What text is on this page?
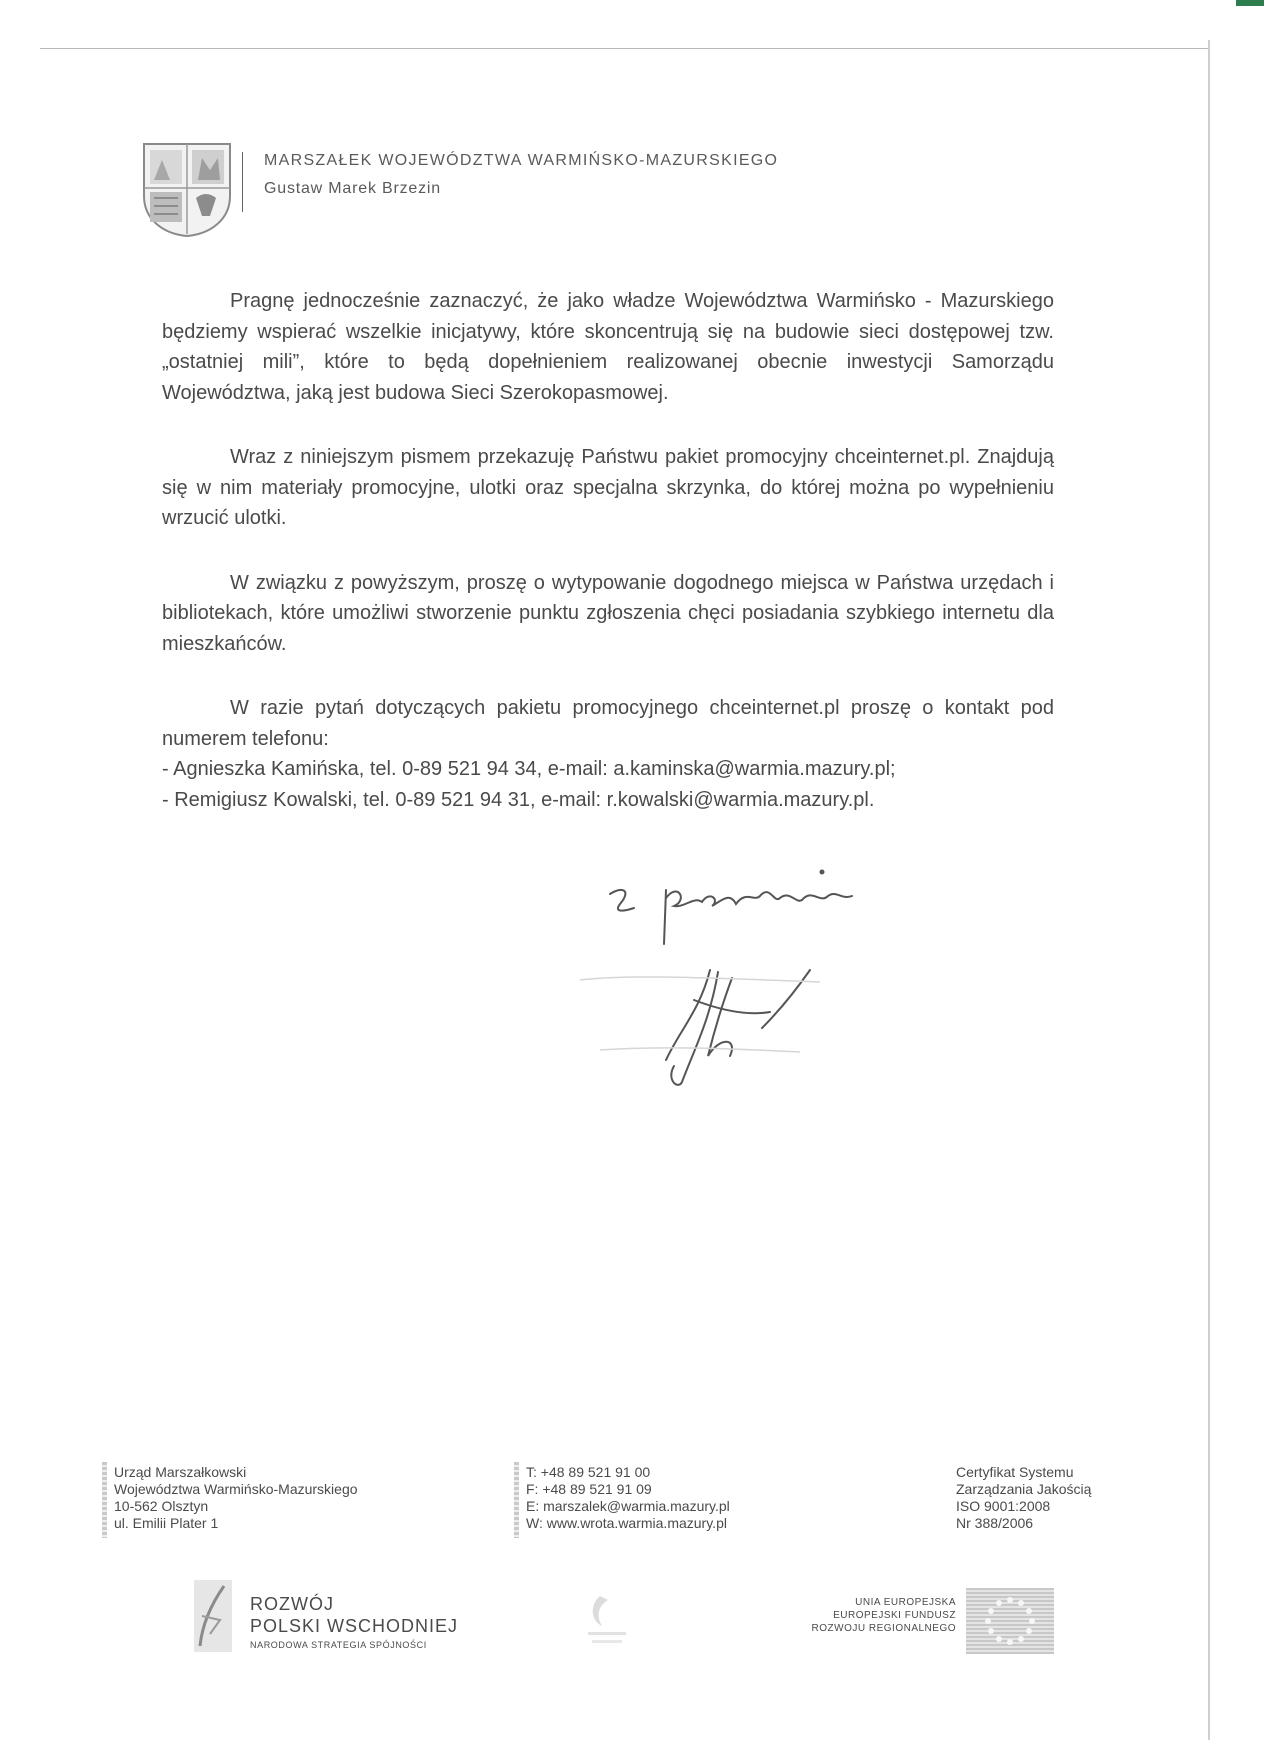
MARSZAŁEK WOJEWÓDZTWA WARMIŃSKO-MAZURSKIEGO
Gustaw Marek Brzezin

Pragnę jednocześnie zaznaczyć, że jako władze Województwa Warmińsko - Mazurskiego będziemy wspierać wszelkie inicjatywy, które skoncentrują się na budowie sieci dostępowej tzw. „ostatniej mili”, które to będą dopełnieniem realizowanej obecnie inwestycji Samorządu Województwa, jaką jest budowa Sieci Szerokopasmowej.

Wraz z niniejszym pismem przekazuję Państwu pakiet promocyjny chceinternet.pl. Znajdują się w nim materiały promocyjne, ulotki oraz specjalna skrzynka, do której można po wypełnieniu wrzucić ulotki.

W związku z powyższym, proszę o wytypowanie dogodnego miejsca w Państwa urzędach i bibliotekach, które umożliwi stworzenie punktu zgłoszenia chęci posiadania szybkiego internetu dla mieszkańców.

W razie pytań dotyczących pakietu promocyjnego chceinternet.pl proszę o kontakt pod numerem telefonu:

- Agnieszka Kamińska, tel. 0-89 521 94 34, e-mail: a.kaminska@warmia.mazury.pl;

- Remigiusz Kowalski, tel. 0-89 521 94 31, e-mail: r.kowalski@warmia.mazury.pl.

Urząd Marszałkowski

Województwa Warmińsko-Mazurskiego

10-562 Olsztyn

ul. Emilii Plater 1

T: +48 89 521 91 00

F: +48 89 521 91 09

E: marszalek@warmia.mazury.pl

W: www.wrota.warmia.mazury.pl

Certyfikat Systemu

Zarządzania Jakością

ISO 9001:2008

Nr 388/2006

ROZWÓJ
POLSKI WSCHODNIEJ
NARODOWA STRATEGIA SPÓJNOŚCI

UNIA EUROPEJSKA

EUROPEJSKI FUNDUSZ

ROZWOJU REGIONALNEGO
